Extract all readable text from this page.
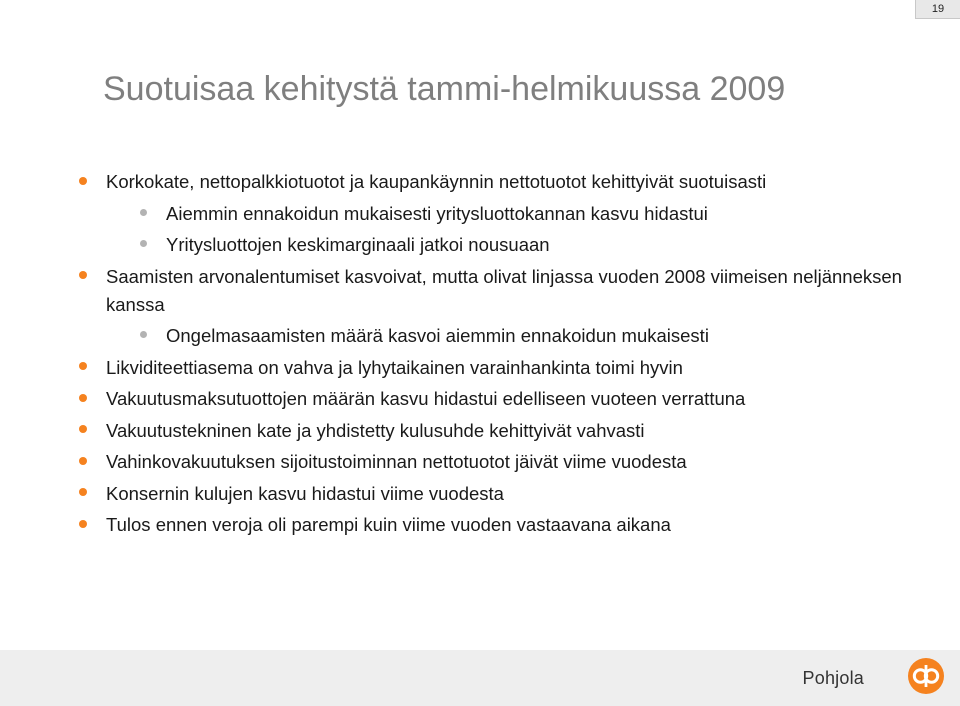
19
Suotuisaa kehitystä tammi-helmikuussa 2009
Korkokate, nettopalkkiotuotot ja kaupankäynnin nettotuotot kehittyivät suotuisasti
Aiemmin ennakoidun mukaisesti yritysluottokannan kasvu hidastui
Yritysluottojen keskimarginaali jatkoi nousuaan
Saamisten arvonalentumiset kasvoivat, mutta olivat linjassa vuoden 2008 viimeisen neljänneksen kanssa
Ongelmasaamisten määrä kasvoi aiemmin ennakoidun mukaisesti
Likviditeettiasema on vahva ja lyhytaikainen varainhankinta toimi hyvin
Vakuutusmaksutuottojen määrän kasvu hidastui edelliseen vuoteen verrattuna
Vakuutustekninen kate ja yhdistetty kulusuhde kehittyivät vahvasti
Vahinkovakuutuksen sijoitustoiminnan nettotuotot jäivät viime vuodesta
Konsernin kulujen kasvu hidastui viime vuodesta
Tulos ennen veroja oli parempi kuin viime vuoden vastaavana aikana
Pohjola
